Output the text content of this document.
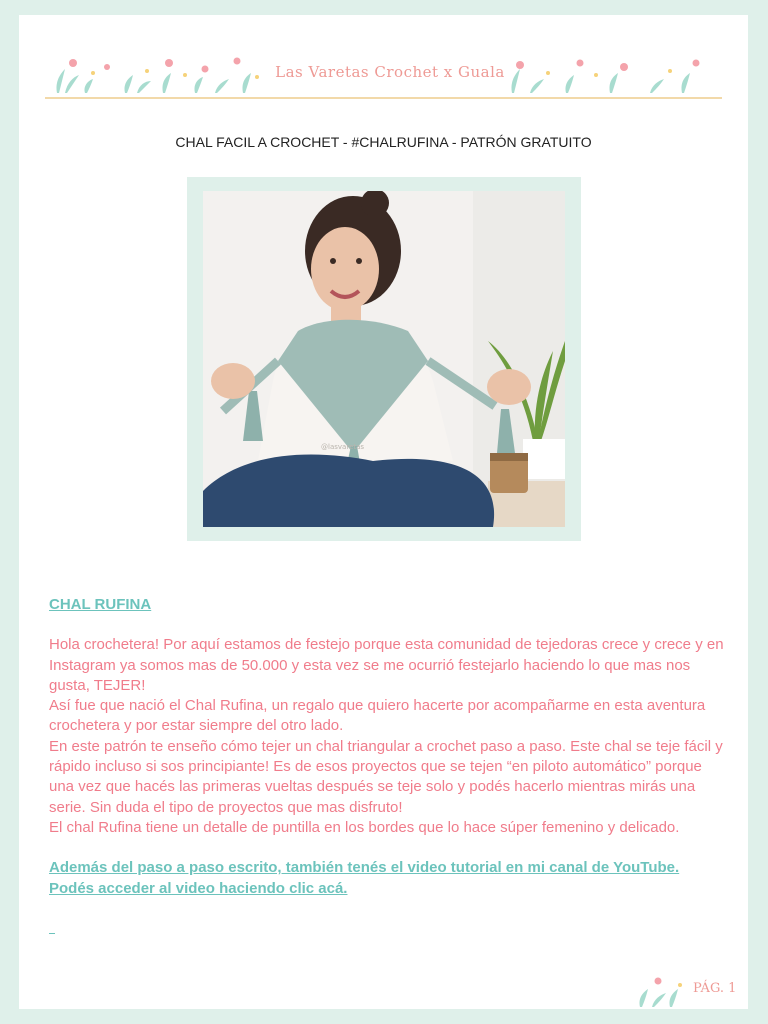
Las Varetas Crochet x Guala
CHAL FACIL A CROCHET - #CHALRUFINA - PATRÓN GRATUITO
@lasvaretas

CHAL RUFINA

Hola crochetera! Por aquí estamos de festejo porque esta comunidad de tejedoras crece y crece y en Instagram ya somos mas de 50.000 y esta vez se me ocurrió festejarlo haciendo lo que mas nos gusta, TEJER!

Así fue que nació el Chal Rufina, un regalo que quiero hacerte por acompañarme en esta aventura crochetera y por estar siempre del otro lado.

En este patrón te enseño cómo tejer un chal triangular a crochet paso a paso. Este chal se teje fácil y rápido incluso si sos principiante! Es de esos proyectos que se tejen “en piloto automático” porque una vez que hacés las primeras vueltas después se teje solo y podés hacerlo mientras mirás una serie. Sin duda el tipo de proyectos que mas disfruto!

El chal Rufina tiene un detalle de puntilla en los bordes que lo hace súper femenino y delicado.

Además del paso a paso escrito, también tenés el video tutorial en mi canal de YouTube.

Podés acceder al video haciendo clic acá.

PÁG. 1
